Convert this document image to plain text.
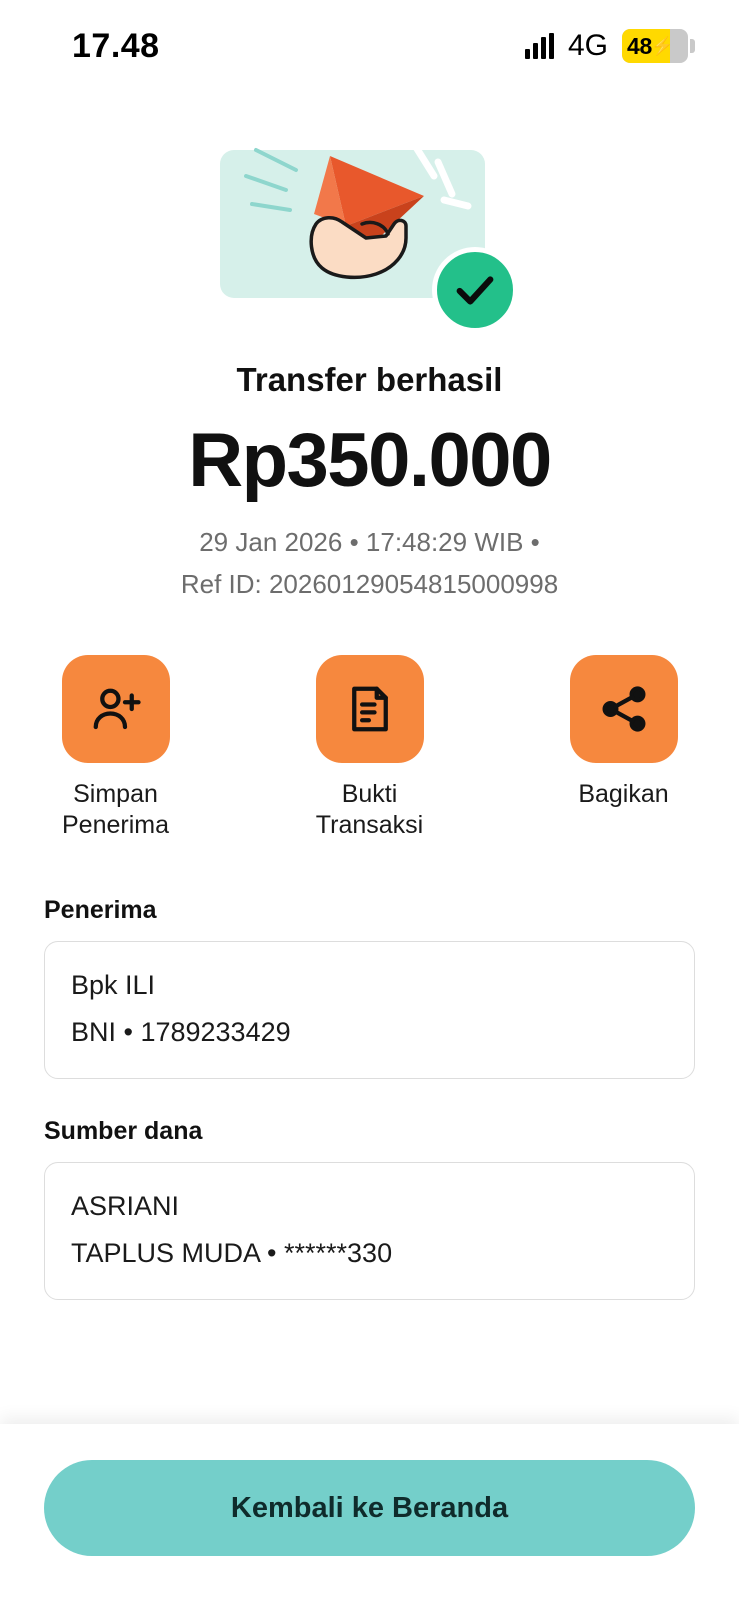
17.48	4G 48 ⚡
Transfer berhasil
Rp350.000
29 Jan 2026 • 17:48:29 WIB •
Ref ID: 20260129054815000998
Simpan
Penerima
Bukti
Transaksi
Bagikan
Penerima
Bpk ILI
BNI • 1789233429
Sumber dana
ASRIANI
TAPLUS MUDA • ******330
Kembali ke Beranda
